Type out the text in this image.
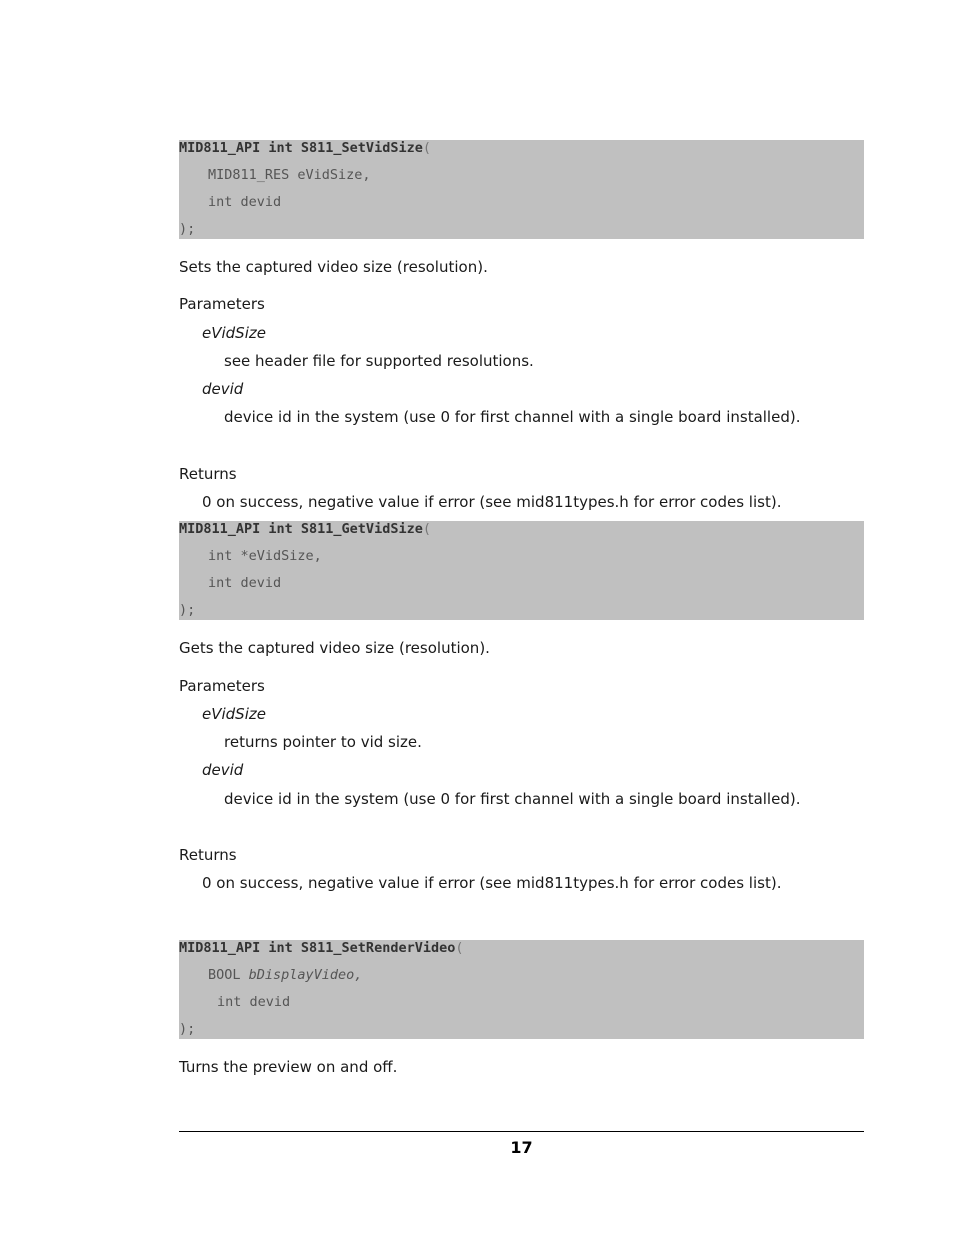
MID811_API int S811_SetVidSize(
MID811_RES eVidSize,
int devid
);
Sets the captured video size (resolution).
Parameters
eVidSize
see header file for supported resolutions.
devid
device id in the system (use 0 for first channel with a single board installed).
Returns
0 on success, negative value if error (see mid811types.h for error codes list).
MID811_API int S811_GetVidSize(
int *eVidSize,
int devid
);
Gets the captured video size (resolution).
Parameters
eVidSize
returns pointer to vid size.
devid
device id in the system (use 0 for first channel with a single board installed).
Returns
0 on success, negative value if error (see mid811types.h for error codes list).
MID811_API int S811_SetRenderVideo(
BOOL bDisplayVideo,
int devid
);
Turns the preview on and off.
17
